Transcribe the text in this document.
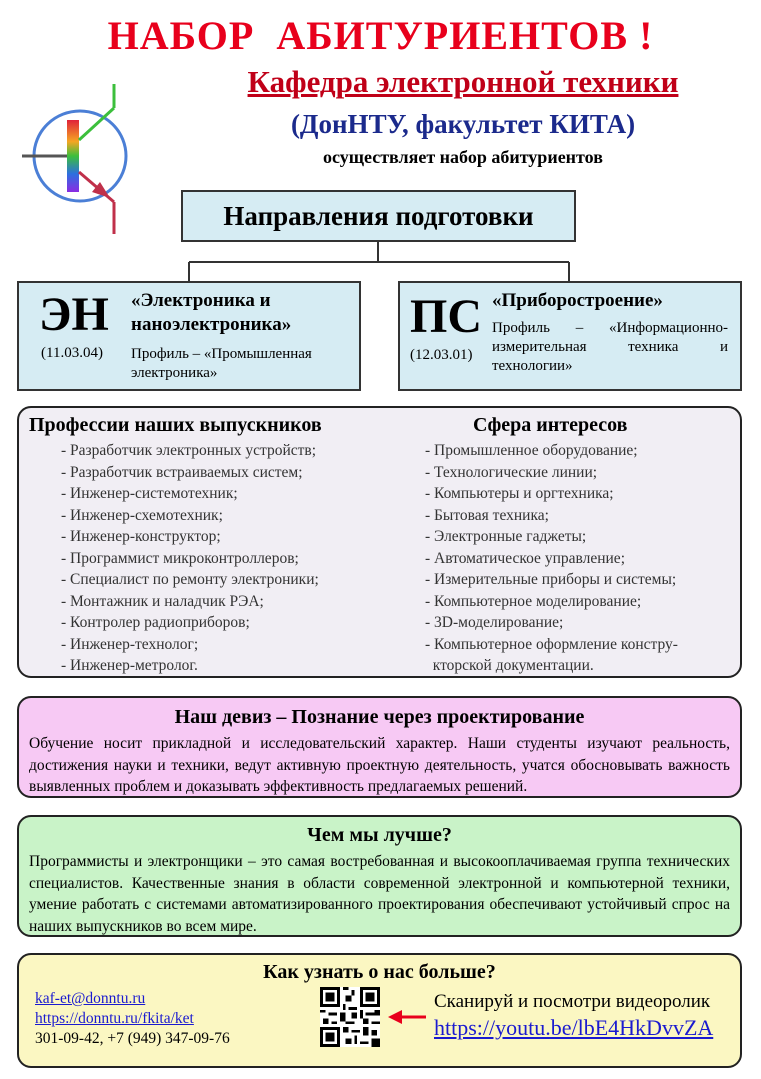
НАБОР  АБИТУРИЕНТОВ !
Кафедра электронной техники
(ДонНТУ, факультет КИТА)
осуществляет набор абитуриентов
Направления подготовки
ЭН
(11.03.04)
«Электроника и
наноэлектроника»
Профиль – «Промышленная электроника»
ПС
(12.03.01)
«Приборостроение»
Профиль – «Информационно-измерительная техника и технологии»
Профессии наших выпускников
- Разработчик электронных устройств;
- Разработчик встраиваемых систем;
- Инженер-системотехник;
- Инженер-схемотехник;
- Инженер-конструктор;
- Программист микроконтроллеров;
- Специалист по ремонту электроники;
- Монтажник и наладчик РЭА;
- Контролер радиоприборов;
- Инженер-технолог;
- Инженер-метролог.
Сфера интересов
- Промышленное оборудование;
- Технологические линии;
- Компьютеры и оргтехника;
- Бытовая техника;
- Электронные гаджеты;
- Автоматическое управление;
- Измерительные приборы и системы;
- Компьютерное моделирование;
- 3D-моделирование;
- Компьютерное оформление констру-
кторской документации.
Наш девиз – Познание через проектирование
Обучение носит прикладной и исследовательский характер. Наши студенты изучают реальность, достижения науки и техники, ведут активную проектную деятельность, учатся обосновывать важность выявленных проблем и доказывать эффективность предлагаемых решений.
Чем мы лучше?
Программисты и электронщики – это самая востребованная и высокооплачиваемая группа технических специалистов. Качественные знания в области современной электронной и компьютерной техники, умение работать с системами автоматизированного проектирования обеспечивают устойчивый спрос на наших выпускников во всем мире.
Как узнать о нас больше?
kaf-et@donntu.ru
https://donntu.ru/fkita/ket
301-09-42, +7 (949) 347-09-76
Сканируй и посмотри видеоролик
https://youtu.be/lbE4HkDvvZA
